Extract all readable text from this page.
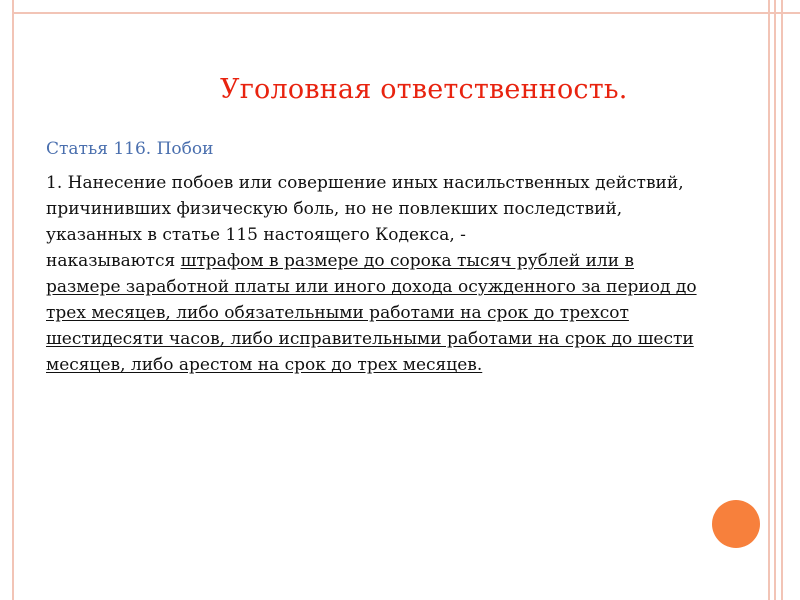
Уголовная ответственность.
Статья 116. Побои
1. Нанесение побоев или совершение иных насильственных действий,
причинивших физическую боль, но не повлекших последствий,
указанных в статье 115 настоящего Кодекса, -
наказываются штрафом в размере до сорока тысяч рублей или в
размере заработной платы или иного дохода осужденного за период до
трех месяцев, либо обязательными работами на срок до трехсот
шестидесяти часов, либо исправительными работами на срок до шести
месяцев, либо арестом на срок до трех месяцев.
